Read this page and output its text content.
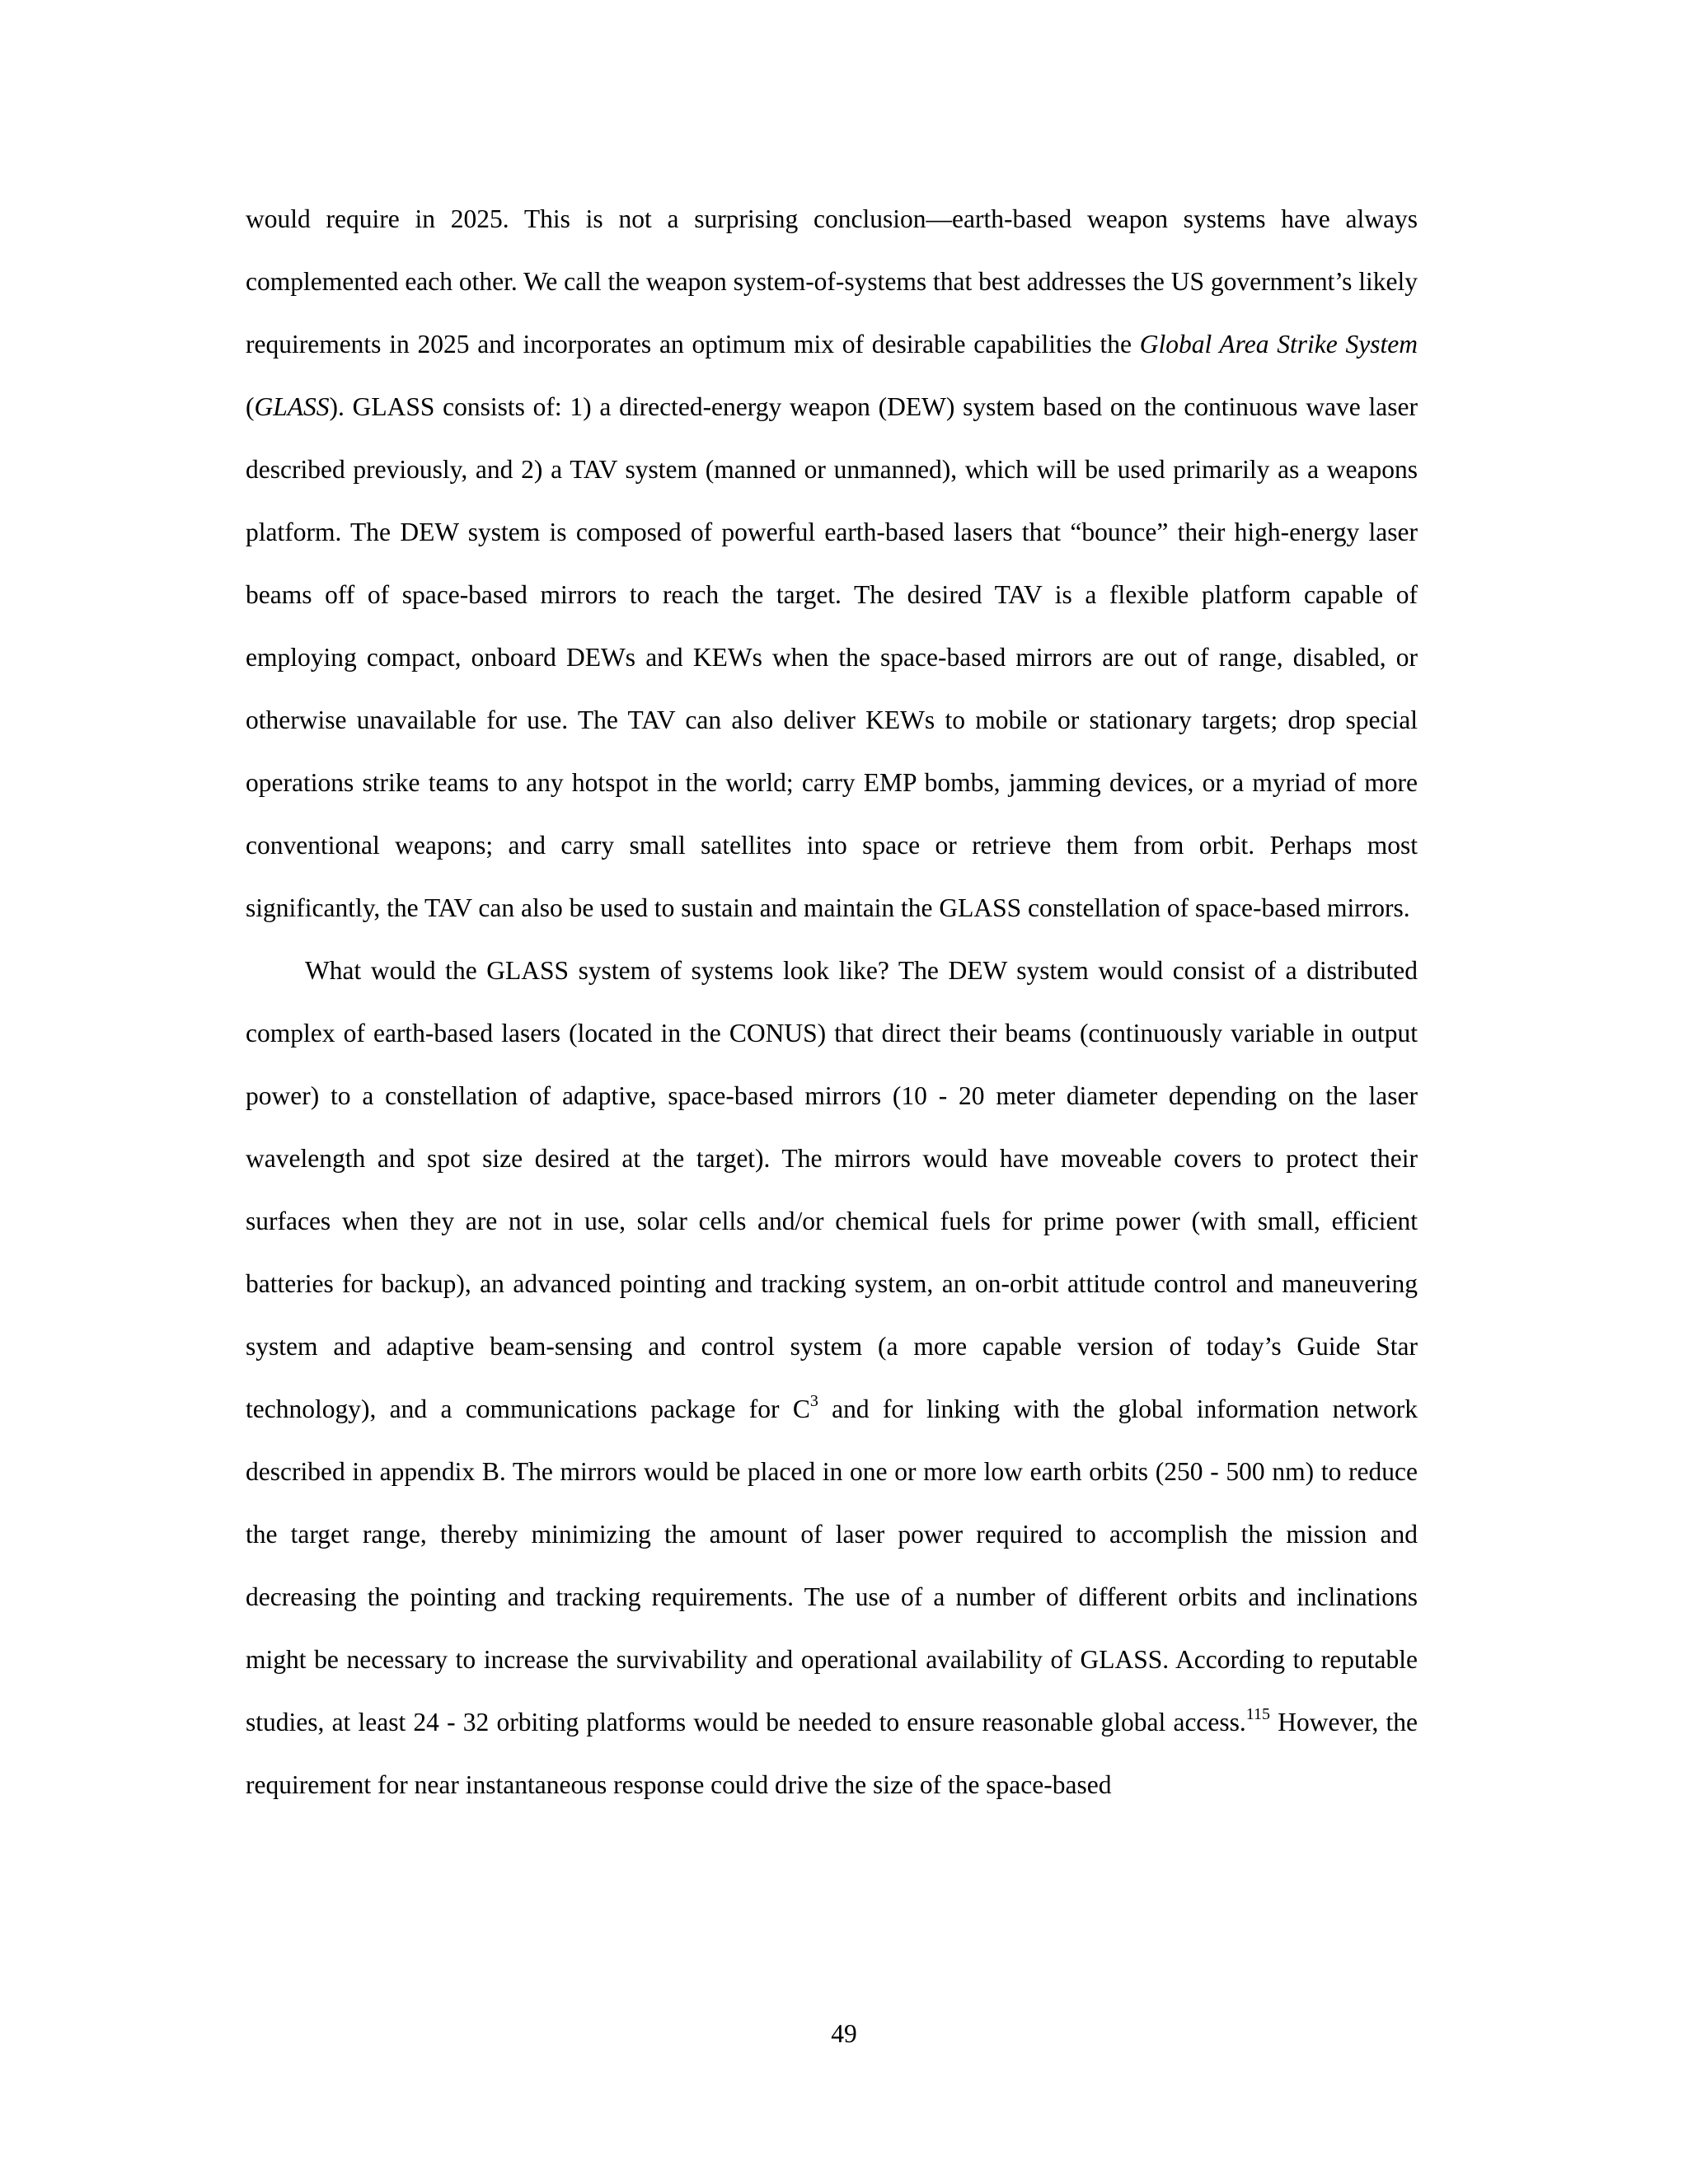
would require in 2025. This is not a surprising conclusion—earth-based weapon systems have always complemented each other. We call the weapon system-of-systems that best addresses the US government’s likely requirements in 2025 and incorporates an optimum mix of desirable capabilities the Global Area Strike System (GLASS). GLASS consists of: 1) a directed-energy weapon (DEW) system based on the continuous wave laser described previously, and 2) a TAV system (manned or unmanned), which will be used primarily as a weapons platform. The DEW system is composed of powerful earth-based lasers that “bounce” their high-energy laser beams off of space-based mirrors to reach the target. The desired TAV is a flexible platform capable of employing compact, onboard DEWs and KEWs when the space-based mirrors are out of range, disabled, or otherwise unavailable for use. The TAV can also deliver KEWs to mobile or stationary targets; drop special operations strike teams to any hotspot in the world; carry EMP bombs, jamming devices, or a myriad of more conventional weapons; and carry small satellites into space or retrieve them from orbit. Perhaps most significantly, the TAV can also be used to sustain and maintain the GLASS constellation of space-based mirrors.

What would the GLASS system of systems look like? The DEW system would consist of a distributed complex of earth-based lasers (located in the CONUS) that direct their beams (continuously variable in output power) to a constellation of adaptive, space-based mirrors (10 - 20 meter diameter depending on the laser wavelength and spot size desired at the target). The mirrors would have moveable covers to protect their surfaces when they are not in use, solar cells and/or chemical fuels for prime power (with small, efficient batteries for backup), an advanced pointing and tracking system, an on-orbit attitude control and maneuvering system and adaptive beam-sensing and control system (a more capable version of today’s Guide Star technology), and a communications package for $C^3$ and for linking with the global information network described in appendix B. The mirrors would be placed in one or more low earth orbits (250 - 500 nm) to reduce the target range, thereby minimizing the amount of laser power required to accomplish the mission and decreasing the pointing and tracking requirements. The use of a number of different orbits and inclinations might be necessary to increase the survivability and operational availability of GLASS. According to reputable studies, at least 24 - 32 orbiting platforms would be needed to ensure reasonable global access.$^{115}$ However, the requirement for near instantaneous response could drive the size of the space-based

49
